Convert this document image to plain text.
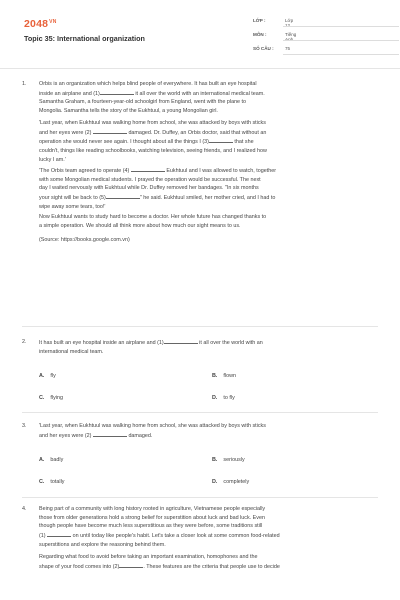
$2048^{VN}$
Topic 35: International organization
LỚP :	Lớp 12
MÔN :	Tiếng Anh
SỐ CÂU :	75
1. Orbis is an organization which helps blind people of everywhere. It has built an eye hospital
inside an airplane and (1)	it all over the world with an international medical team.
Samantha Graham, a fourteen-year-old schoolgirl from England, went with the plane to
Mongolia. Samantha tells the story of the Eukhtuul, a young Mongolian girl.
'Last year, when Eukhtuul was walking home from school, she was attacked by boys with sticks
and her eyes were (2)	damaged. Dr. Duffey, an Orbis doctor, said that without an
operation she would never see again. I thought about all the things I (3)	that she
couldn't, things like reading schoolbooks, watching television, seeing friends, and I realized how
lucky I am.'
'The Orbis team agreed to operate (4)	Eukhtuul and I was allowed to watch, together
with some Mongolian medical students. I prayed the operation would be successful. The next
day I waited nervously with Eukhtuul while Dr. Duffey removed her bandages. "In six months
your sight will be back to (5)	" he said. Eukhtuul smiled, her mother cried, and I had to
wipe away some tears, too!'
Now Eukhtuul wants to study hard to become a doctor. Her whole future has changed thanks to
a simple operation. We should all think more about how much our sight means to us.
(Source: https://books.google.com.vn)
2. It has built an eye hospital inside an airplane and (1)	it all over the world with an
international medical team.
A. fly	B. flown
C. flying	D. to fly
3. 'Last year, when Eukhtuul was walking home from school, she was attacked by boys with sticks
and her eyes were (2)	damaged.
A. badly	B. seriously
C. totally	D. completely
4. Being part of a community with long history rooted in agriculture, Vietnamese people especially
those from older generations hold a strong belief for superstition about luck and bad luck. Even
though people have become much less superstitious as they were before, some traditions still
(1)	on until today like people's habit. Let's take a closer look at some common food-related
superstitions and explore the reasoning behind them.
Regarding what food to avoid before taking an important examination, homophones and the
shape of your food comes into (2)	. These features are the criteria that people use to decide
